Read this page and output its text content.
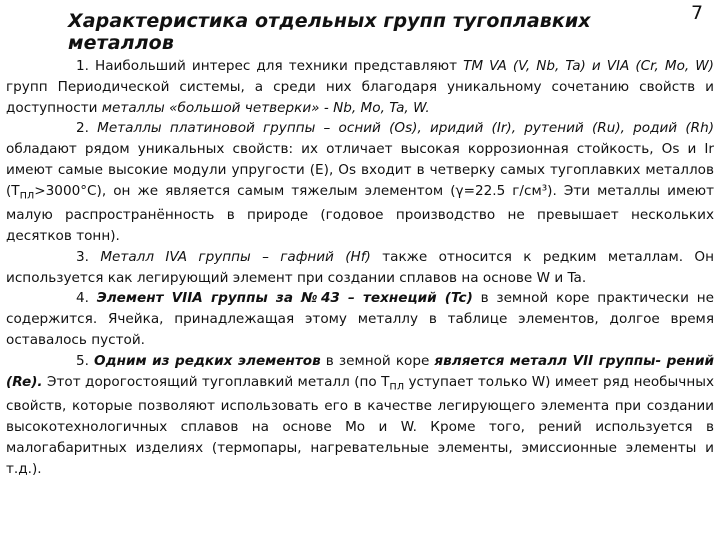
Характеристика отдельных групп тугоплавких металлов
7

1. Наибольший интерес для техники представляют ТМ VA (V, Nb, Ta) и VIA (Cr, Mo, W) групп Периодической системы, а среди них благодаря уникальному сочетанию свойств и доступности металлы «большой четверки» - Nb, Mo, Ta, W.

2. Металлы платиновой группы – осний (Os), иридий (Ir), рутений (Ru), родий (Rh) обладают рядом уникальных свойств: их отличает высокая коррозионная стойкость, Os и Ir имеют самые высокие модули упругости (E), Os входит в четверку самых тугоплавких металлов $(T_{пл}>3000^\circ C)$, он же является самым тяжелым элементом (γ=22.5 г/см³). Эти металлы имеют малую распространённость в природе (годовое производство не превышает нескольких десятков тонн).

3. Металл IVA группы – гафний (Hf) также относится к редким металлам. Он используется как легирующий элемент при создании сплавов на основе W и Ta.

4. Элемент VIIA группы за №43 – технеций (Tc) в земной коре практически не содержится. Ячейка, принадлежащая этому металлу в таблице элементов, долгое время оставалось пустой.

5. Одним из редких элементов в земной коре является металл VII группы- рений (Re). Этот дорогостоящий тугоплавкий металл (по $T_{пл}$ уступает только W) имеет ряд необычных свойств, которые позволяют использовать его в качестве легирующего элемента при создании высокотехнологичных сплавов на основе Mo и W. Кроме того, рений используется в малогабаритных изделиях (термопары, нагревательные элементы, эмиссионные элементы и т.д.).
